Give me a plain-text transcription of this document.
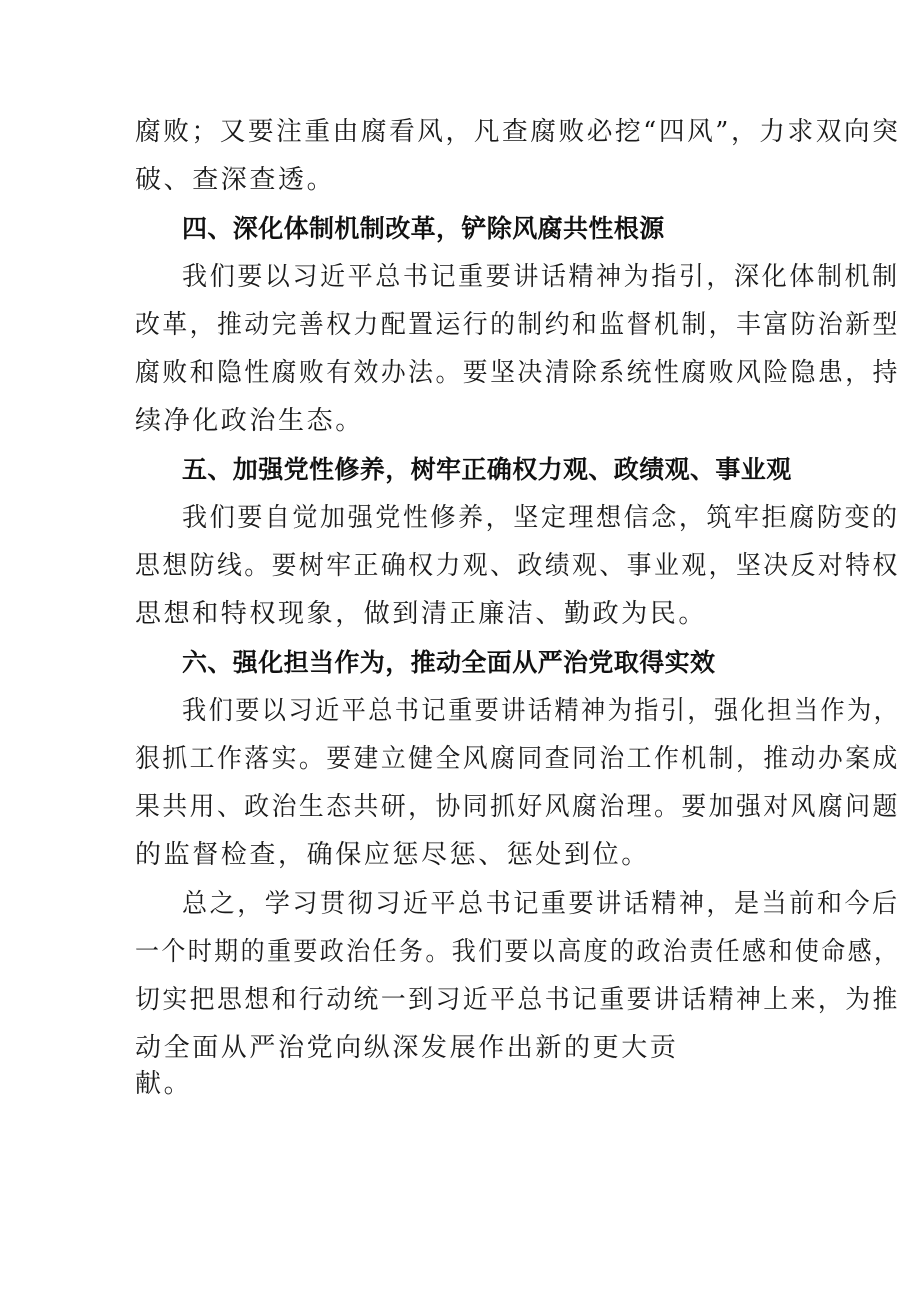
腐败；又要注重由腐看风，凡查腐败必挖“四风”，力求双向突
破、查深查透。
四、深化体制机制改革，铲除风腐共性根源
我们要以习近平总书记重要讲话精神为指引，深化体制机制
改革，推动完善权力配置运行的制约和监督机制，丰富防治新型
腐败和隐性腐败有效办法。要坚决清除系统性腐败风险隐患，持
续净化政治生态。
五、加强党性修养，树牢正确权力观、政绩观、事业观
我们要自觉加强党性修养，坚定理想信念，筑牢拒腐防变的
思想防线。要树牢正确权力观、政绩观、事业观，坚决反对特权
思想和特权现象，做到清正廉洁、勤政为民。
六、强化担当作为，推动全面从严治党取得实效
我们要以习近平总书记重要讲话精神为指引，强化担当作为，
狠抓工作落实。要建立健全风腐同查同治工作机制，推动办案成
果共用、政治生态共研，协同抓好风腐治理。要加强对风腐问题
的监督检查，确保应惩尽惩、惩处到位。
总之，学习贯彻习近平总书记重要讲话精神，是当前和今后
一个时期的重要政治任务。我们要以高度的政治责任感和使命感，
切实把思想和行动统一到习近平总书记重要讲话精神上来，为推
动全面从严治党向纵深发展作出新的更大贡
献。
